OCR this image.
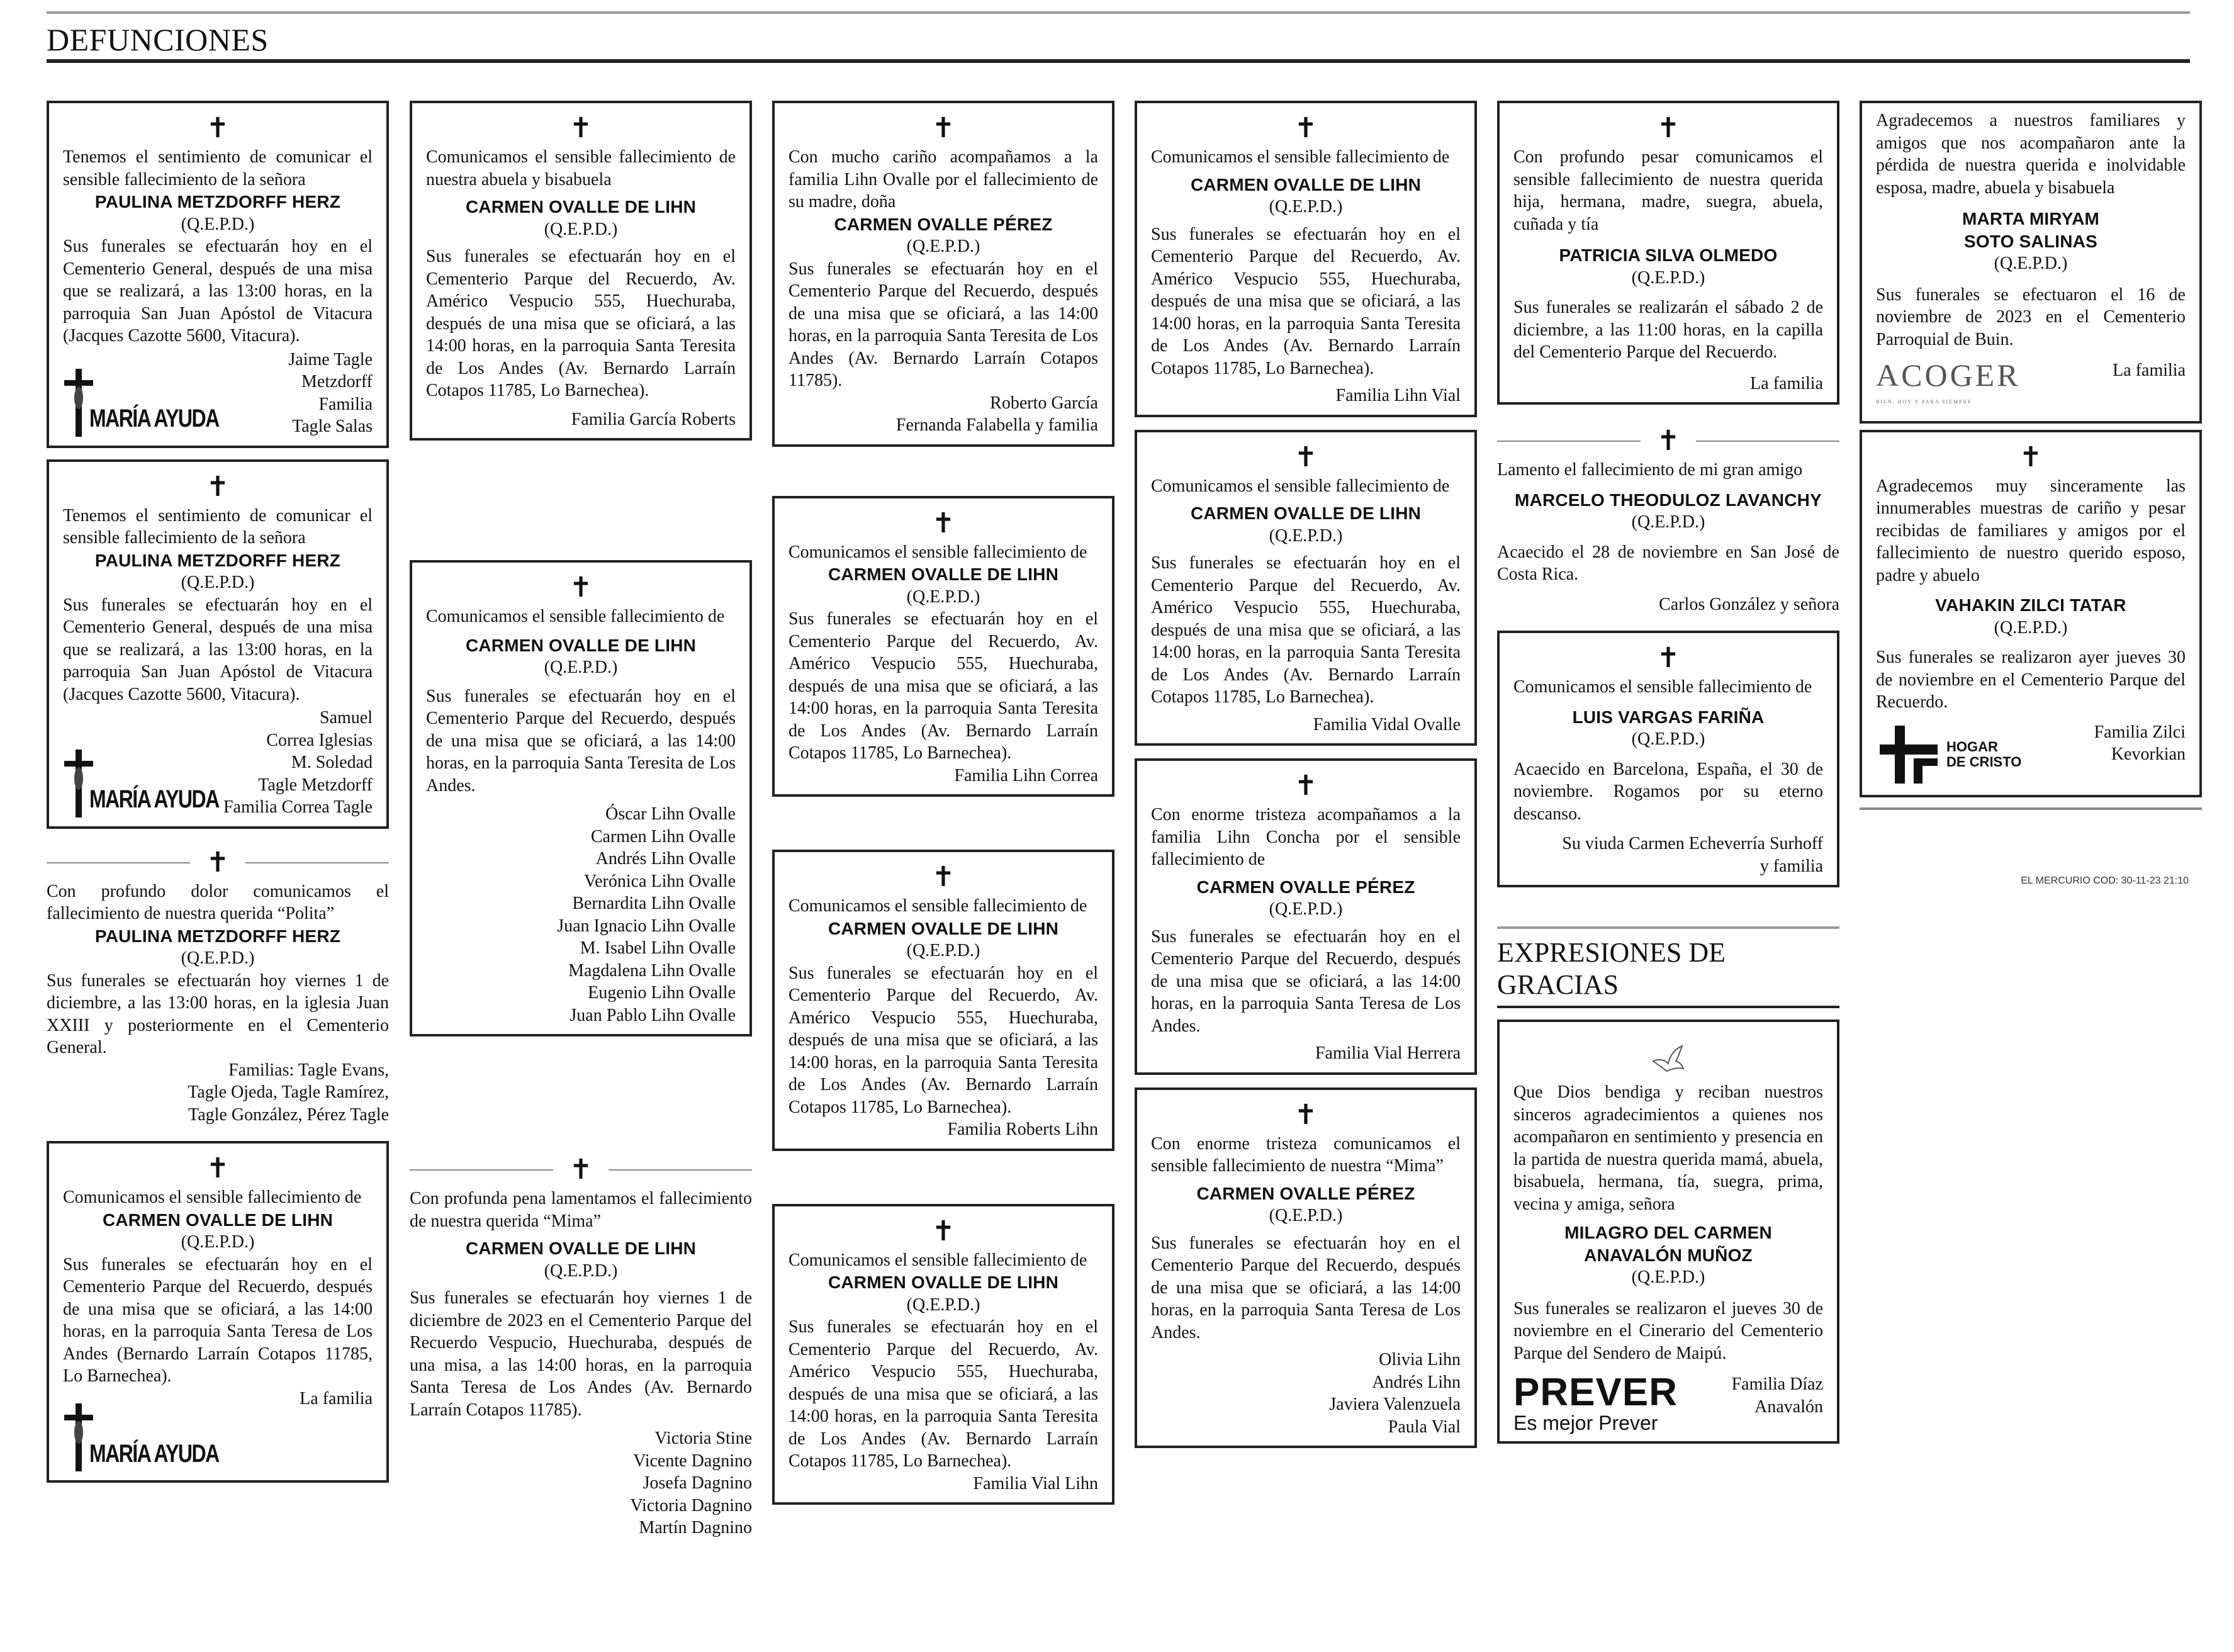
DEFUNCIONES
✝
Tenemos el sentimiento de comunicar el sensible fallecimiento de la señora
PAULINA METZDORFF HERZ
(Q.E.P.D.)
Sus funerales se efectuarán hoy en el Cementerio General, después de una misa que se realizará, a las 13:00 horas, en la parroquia San Juan Apóstol de Vitacura (Jacques Cazotte 5600, Vitacura).
MARÍA AYUDA
Jaime Tagle
Metzdorff
Familia
Tagle Salas
✝
Tenemos el sentimiento de comunicar el sensible fallecimiento de la señora
PAULINA METZDORFF HERZ
(Q.E.P.D.)
Sus funerales se efectuarán hoy en el Cementerio General, después de una misa que se realizará, a las 13:00 horas, en la parroquia San Juan Apóstol de Vitacura (Jacques Cazotte 5600, Vitacura).
MARÍA AYUDA
Samuel
Correa Iglesias
M. Soledad
Tagle Metzdorff
Familia Correa Tagle
✝
Con profundo dolor comunicamos el fallecimiento de nuestra querida “Polita”
PAULINA METZDORFF HERZ
(Q.E.P.D.)
Sus funerales se efectuarán hoy viernes 1 de diciembre, a las 13:00 horas, en la iglesia Juan XXIII y posteriormente en el Cementerio General.
Familias: Tagle Evans,
Tagle Ojeda, Tagle Ramírez,
Tagle González, Pérez Tagle
✝
Comunicamos el sensible fallecimiento de
CARMEN OVALLE DE LIHN
(Q.E.P.D.)
Sus funerales se efectuarán hoy en el Cementerio Parque del Recuerdo, después de una misa que se oficiará, a las 14:00 horas, en la parroquia Santa Teresa de Los Andes (Bernardo Larraín Cotapos 11785, Lo Barnechea).
La familia
MARÍA AYUDA
✝
Comunicamos el sensible fallecimiento de nuestra abuela y bisabuela
CARMEN OVALLE DE LIHN
(Q.E.P.D.)
Sus funerales se efectuarán hoy en el Cementerio Parque del Recuerdo, Av. Américo Vespucio 555, Huechuraba, después de una misa que se oficiará, a las 14:00 horas, en la parroquia Santa Teresita de Los Andes (Av. Bernardo Larraín Cotapos 11785, Lo Barnechea).
Familia García Roberts
✝
Comunicamos el sensible fallecimiento de
CARMEN OVALLE DE LIHN
(Q.E.P.D.)
Sus funerales se efectuarán hoy en el Cementerio Parque del Recuerdo, después de una misa que se oficiará, a las 14:00 horas, en la parroquia Santa Teresita de Los Andes.
Óscar Lihn Ovalle
Carmen Lihn Ovalle
Andrés Lihn Ovalle
Verónica Lihn Ovalle
Bernardita Lihn Ovalle
Juan Ignacio Lihn Ovalle
M. Isabel Lihn Ovalle
Magdalena Lihn Ovalle
Eugenio Lihn Ovalle
Juan Pablo Lihn Ovalle
✝
Con profunda pena lamentamos el fallecimiento de nuestra querida “Mima”
CARMEN OVALLE DE LIHN
(Q.E.P.D.)
Sus funerales se efectuarán hoy viernes 1 de diciembre de 2023 en el Cementerio Parque del Recuerdo Vespucio, Huechuraba, después de una misa, a las 14:00 horas, en la parroquia Santa Teresa de Los Andes (Av. Bernardo Larraín Cotapos 11785).
Victoria Stine
Vicente Dagnino
Josefa Dagnino
Victoria Dagnino
Martín Dagnino
✝
Con mucho cariño acompañamos a la familia Lihn Ovalle por el fallecimiento de su madre, doña
CARMEN OVALLE PÉREZ
(Q.E.P.D.)
Sus funerales se efectuarán hoy en el Cementerio Parque del Recuerdo, después de una misa que se oficiará, a las 14:00 horas, en la parroquia Santa Teresita de Los Andes (Av. Bernardo Larraín Cotapos 11785).
Roberto García
Fernanda Falabella y familia
✝
Comunicamos el sensible fallecimiento de
CARMEN OVALLE DE LIHN
(Q.E.P.D.)
Sus funerales se efectuarán hoy en el Cementerio Parque del Recuerdo, Av. Américo Vespucio 555, Huechuraba, después de una misa que se oficiará, a las 14:00 horas, en la parroquia Santa Teresita de Los Andes (Av. Bernardo Larraín Cotapos 11785, Lo Barnechea).
Familia Lihn Correa
✝
Comunicamos el sensible fallecimiento de
CARMEN OVALLE DE LIHN
(Q.E.P.D.)
Sus funerales se efectuarán hoy en el Cementerio Parque del Recuerdo, Av. Américo Vespucio 555, Huechuraba, después de una misa que se oficiará, a las 14:00 horas, en la parroquia Santa Teresita de Los Andes (Av. Bernardo Larraín Cotapos 11785, Lo Barnechea).
Familia Roberts Lihn
✝
Comunicamos el sensible fallecimiento de
CARMEN OVALLE DE LIHN
(Q.E.P.D.)
Sus funerales se efectuarán hoy en el Cementerio Parque del Recuerdo, Av. Américo Vespucio 555, Huechuraba, después de una misa que se oficiará, a las 14:00 horas, en la parroquia Santa Teresita de Los Andes (Av. Bernardo Larraín Cotapos 11785, Lo Barnechea).
Familia Vial Lihn
✝
Comunicamos el sensible fallecimiento de
CARMEN OVALLE DE LIHN
(Q.E.P.D.)
Sus funerales se efectuarán hoy en el Cementerio Parque del Recuerdo, Av. Américo Vespucio 555, Huechuraba, después de una misa que se oficiará, a las 14:00 horas, en la parroquia Santa Teresita de Los Andes (Av. Bernardo Larraín Cotapos 11785, Lo Barnechea).
Familia Lihn Vial
✝
Comunicamos el sensible fallecimiento de
CARMEN OVALLE DE LIHN
(Q.E.P.D.)
Sus funerales se efectuarán hoy en el Cementerio Parque del Recuerdo, Av. Américo Vespucio 555, Huechuraba, después de una misa que se oficiará, a las 14:00 horas, en la parroquia Santa Teresita de Los Andes (Av. Bernardo Larraín Cotapos 11785, Lo Barnechea).
Familia Vidal Ovalle
✝
Con enorme tristeza acompañamos a la familia Lihn Concha por el sensible fallecimiento de
CARMEN OVALLE PÉREZ
(Q.E.P.D.)
Sus funerales se efectuarán hoy en el Cementerio Parque del Recuerdo, después de una misa que se oficiará, a las 14:00 horas, en la parroquia Santa Teresa de Los Andes.
Familia Vial Herrera
✝
Con enorme tristeza comunicamos el sensible fallecimiento de nuestra “Mima”
CARMEN OVALLE PÉREZ
(Q.E.P.D.)
Sus funerales se efectuarán hoy en el Cementerio Parque del Recuerdo, después de una misa que se oficiará, a las 14:00 horas, en la parroquia Santa Teresa de Los Andes.
Olivia Lihn
Andrés Lihn
Javiera Valenzuela
Paula Vial
✝
Con profundo pesar comunicamos el sensible fallecimiento de nuestra querida hija, hermana, madre, suegra, abuela, cuñada y tía
PATRICIA SILVA OLMEDO
(Q.E.P.D.)
Sus funerales se realizarán el sábado 2 de diciembre, a las 11:00 horas, en la capilla del Cementerio Parque del Recuerdo.
La familia
✝
Lamento el fallecimiento de mi gran amigo
MARCELO THEODULOZ LAVANCHY
(Q.E.P.D.)
Acaecido el 28 de noviembre en San José de Costa Rica.
Carlos González y señora
✝
Comunicamos el sensible fallecimiento de
LUIS VARGAS FARIÑA
(Q.E.P.D.)
Acaecido en Barcelona, España, el 30 de noviembre. Rogamos por su eterno descanso.
Su viuda Carmen Echeverría Surhoff
y familia
EXPRESIONES DE GRACIAS
Que Dios bendiga y reciban nuestros sinceros agradecimientos a quienes nos acompañaron en sentimiento y presencia en la partida de nuestra querida mamá, abuela, bisabuela, hermana, tía, suegra, prima, vecina y amiga, señora
MILAGRO DEL CARMEN
ANAVALÓN MUÑOZ
(Q.E.P.D.)
Sus funerales se realizaron el jueves 30 de noviembre en el Cinerario del Cementerio Parque del Sendero de Maipú.
PREVER
Es mejor Prever
Familia Díaz
Anavalón
Agradecemos a nuestros familiares y amigos que nos acompañaron ante la pérdida de nuestra querida e inolvidable esposa, madre, abuela y bisabuela
MARTA MIRYAM
SOTO SALINAS
(Q.E.P.D.)
Sus funerales se efectuaron el 16 de noviembre de 2023 en el Cementerio Parroquial de Buin.
ACOGER
BIEN, HOY Y PARA SIEMPRE
La familia
✝
Agradecemos muy sinceramente las innumerables muestras de cariño y pesar recibidas de familiares y amigos por el fallecimiento de nuestro querido esposo, padre y abuelo
VAHAKIN ZILCI TATAR
(Q.E.P.D.)
Sus funerales se realizaron ayer jueves 30 de noviembre en el Cementerio Parque del Recuerdo.
Familia Zilci
Kevorkian
HOGAR
DE CRISTO
EL MERCURIO COD: 30-11-23 21:10
